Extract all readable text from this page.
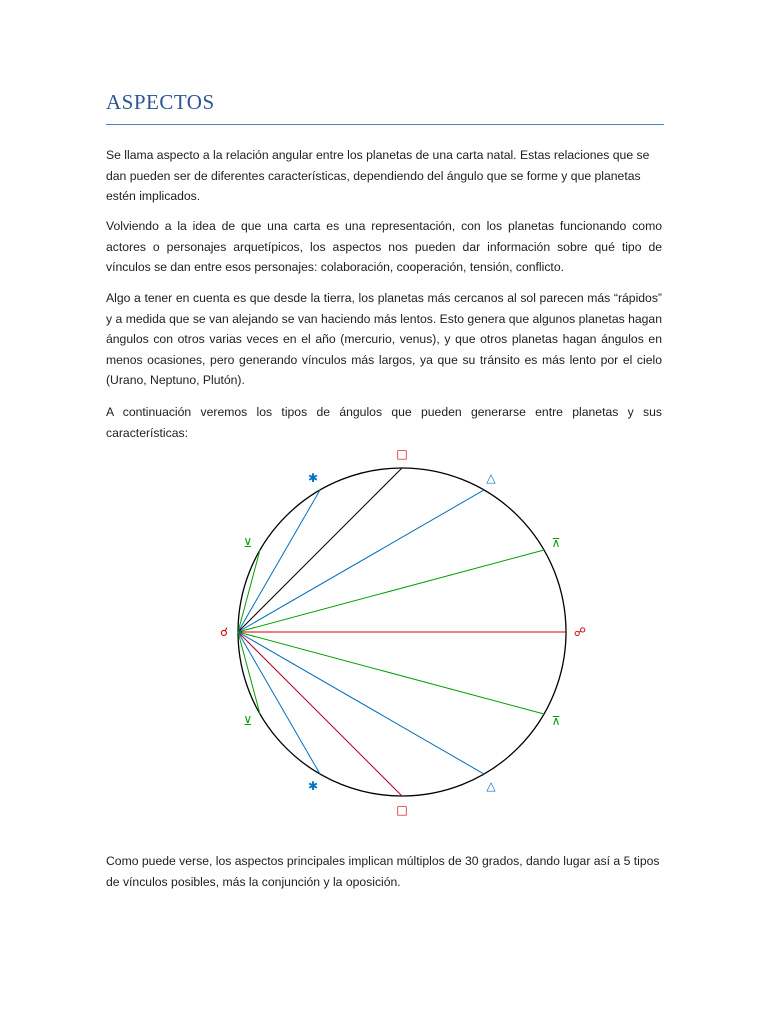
ASPECTOS

Se llama aspecto a la relación angular entre los planetas de una carta natal. Estas relaciones que se dan pueden ser de diferentes características, dependiendo del ángulo que se forme y que planetas estén implicados.

Volviendo a la idea de que una carta es una representación, con los planetas funcionando como actores o personajes arquetípicos, los aspectos nos pueden dar información sobre qué tipo de vínculos se dan entre esos personajes: colaboración, cooperación, tensión, conflicto.

Algo a tener en cuenta es que desde la tierra, los planetas más cercanos al sol parecen más “rápidos” y a medida que se van alejando se van haciendo más lentos. Esto genera que algunos planetas hagan ángulos con otros varias veces en el año (mercurio, venus), y que otros planetas hagan ángulos en menos ocasiones, pero generando vínculos más largos, ya que su tránsito es más lento por el cielo (Urano, Neptuno, Plutón).

A continuación veremos los tipos de ángulos que pueden generarse entre planetas y sus características:

☌
⊻
✱
□
△
⊼
☍
⊼
△
□
✱
⊻

Como puede verse, los aspectos principales implican múltiplos de 30 grados, dando lugar así a 5 tipos de vínculos posibles, más la conjunción y la oposición.
